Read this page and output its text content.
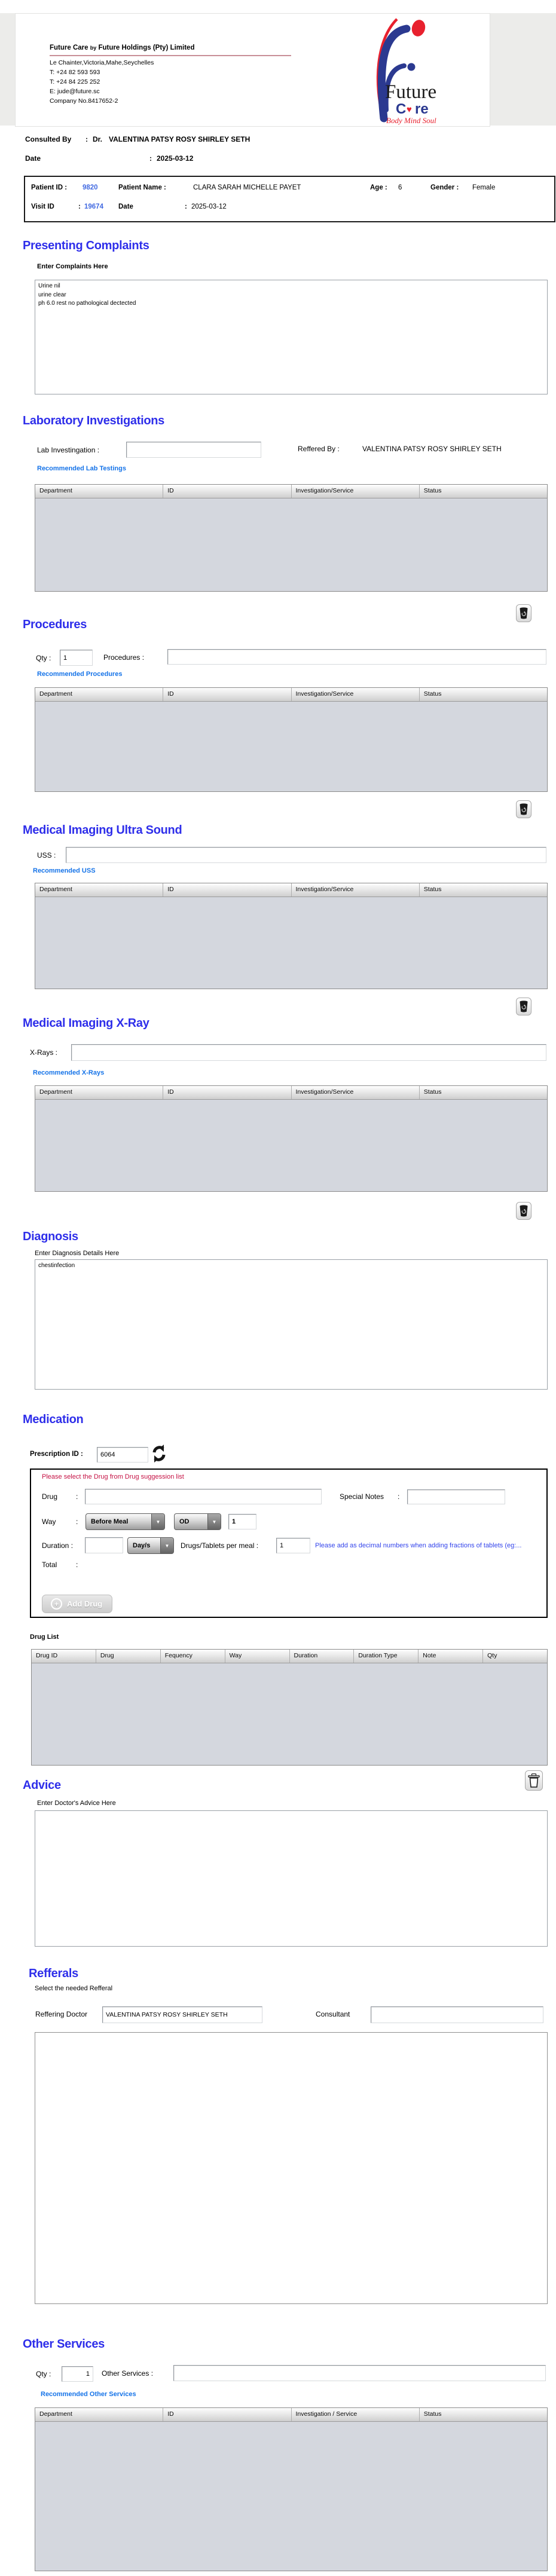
Future Care by Future Holdings (Pty) Limited
Le Chainter,Victoria,Mahe,Seychelles
T: +24 82 593 593
T: +24 84 225 252
E: jude@future.sc
Company No.8417652-2	Future
C ♥ re
Body Mind Soul
Consulted By : Dr. VALENTINA PATSY ROSY SHIRLEY SETH
Date	: 2025-03-12
Patient ID : 9820	Patient Name :	CLARA SARAH MICHELLE PAYET	Age : 6	Gender : Female
Visit ID	: 19674 Date	: 2025-03-12
Presenting Complaints
Enter Complaints Here
Urine nil urine clear ph 6.0 rest no pathological dectected
Laboratory Investigations
Lab Investingation :	Reffered By :	VALENTINA PATSY ROSY SHIRLEY SETH
Recommended Lab Testings
Department	ID	Investigation/Service	Status
Procedures
Qty :
1	Procedures :
Recommended Procedures
Department	ID	Investigation/Service	Status
Medical Imaging Ultra Sound
USS :
Recommended USS
Department	ID	Investigation/Service	Status
Medical Imaging X-Ray
X-Rays :
Recommended X-Rays
Department	ID	Investigation/Service	Status
Diagnosis
Enter Diagnosis Details Here
chestinfection
Medication
Prescription ID :
6064
Please select the Drug from Drug suggession list
Drug	:	Special Notes :
Way	: Before Meal	▼	OD	▼
1
Duration :	Day/s	▼	Drugs/Tablets per meal :
1	Please add as decimal numbers when adding fractions of tablets (eg:...
Total	:
+	Add Drug
Drug List
Drug ID	Drug	Fequency	Way	Duration	Duration Type	Note	Qty
Advice
Enter Doctor's Advice Here
Refferals
Select the needed Refferal
Reffering Doctor
VALENTINA PATSY ROSY SHIRLEY SETH	Consultant
Other Services
Qty :
1	Other Services :
Recommended Other Services
Department	ID	Investigation / Service	Status
